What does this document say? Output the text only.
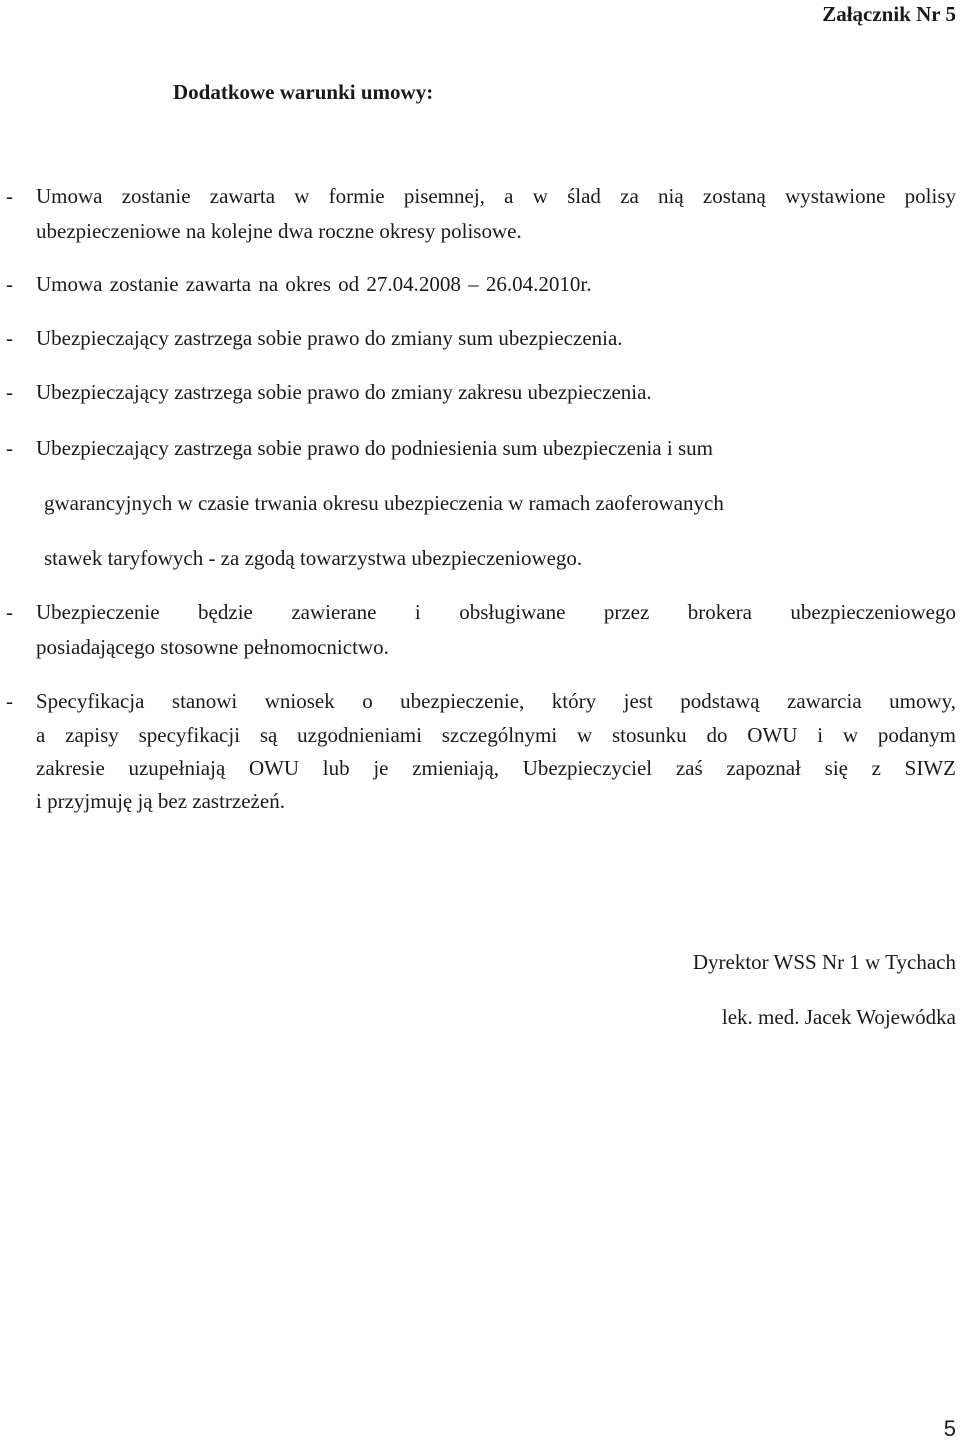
Załącznik Nr 5
Dodatkowe warunki umowy:
- Umowa zostanie zawarta w formie pisemnej, a w ślad za nią zostaną wystawione polisy
ubezpieczeniowe na kolejne dwa roczne okresy polisowe.
- Umowa zostanie zawarta na okres od 27.04.2008 – 26.04.2010r.
- Ubezpieczający zastrzega sobie prawo do zmiany sum ubezpieczenia.
- Ubezpieczający zastrzega sobie prawo do zmiany zakresu ubezpieczenia.
- Ubezpieczający zastrzega sobie prawo do podniesienia sum ubezpieczenia i sum
gwarancyjnych w czasie trwania okresu ubezpieczenia w ramach zaoferowanych
stawek taryfowych - za zgodą towarzystwa ubezpieczeniowego.
- Ubezpieczenie będzie zawierane i obsługiwane przez brokera ubezpieczeniowego
posiadającego stosowne pełnomocnictwo.
- Specyfikacja stanowi wniosek o ubezpieczenie, który jest podstawą zawarcia umowy,
a zapisy specyfikacji są uzgodnieniami szczególnymi w stosunku do OWU i w podanym
zakresie uzupełniają OWU lub je zmieniają, Ubezpieczyciel zaś zapoznał się z SIWZ
i przyjmuję ją bez zastrzeżeń.
Dyrektor WSS Nr 1 w Tychach
lek. med. Jacek Wojewódka
5
